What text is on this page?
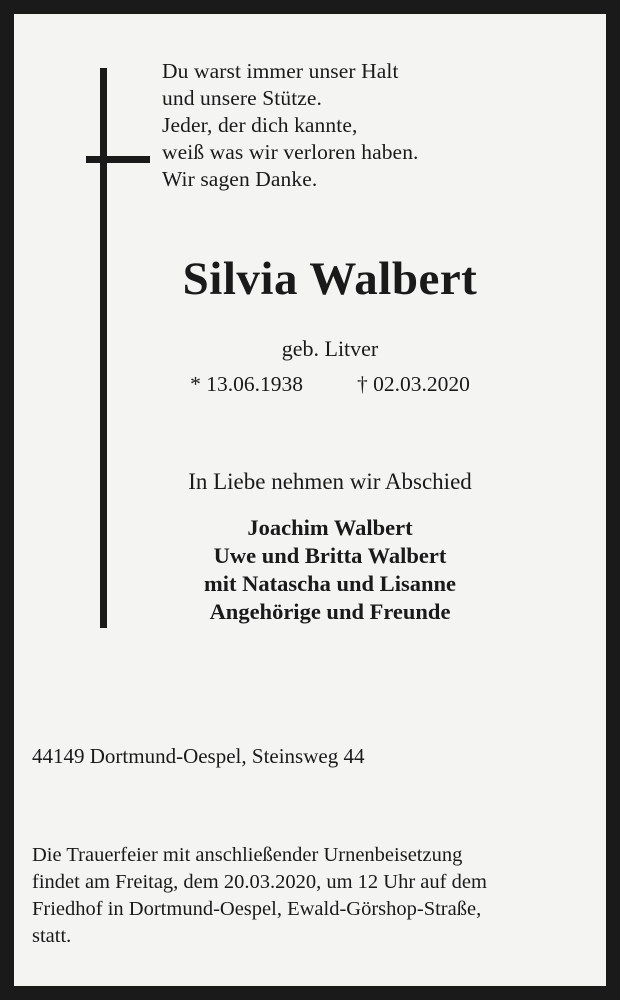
Du warst immer unser Halt
und unsere Stütze.
Jeder, der dich kannte,
weiß was wir verloren haben.
Wir sagen Danke.
Silvia Walbert
geb. Litver
* 13.06.1938	† 02.03.2020
In Liebe nehmen wir Abschied
Joachim Walbert
Uwe und Britta Walbert
mit Natascha und Lisanne
Angehörige und Freunde
44149 Dortmund-Oespel, Steinsweg 44
Die Trauerfeier mit anschließender Urnenbeisetzung
findet am Freitag, dem 20.03.2020, um 12 Uhr auf dem
Friedhof in Dortmund-Oespel, Ewald-Görshop-Straße,
statt.
